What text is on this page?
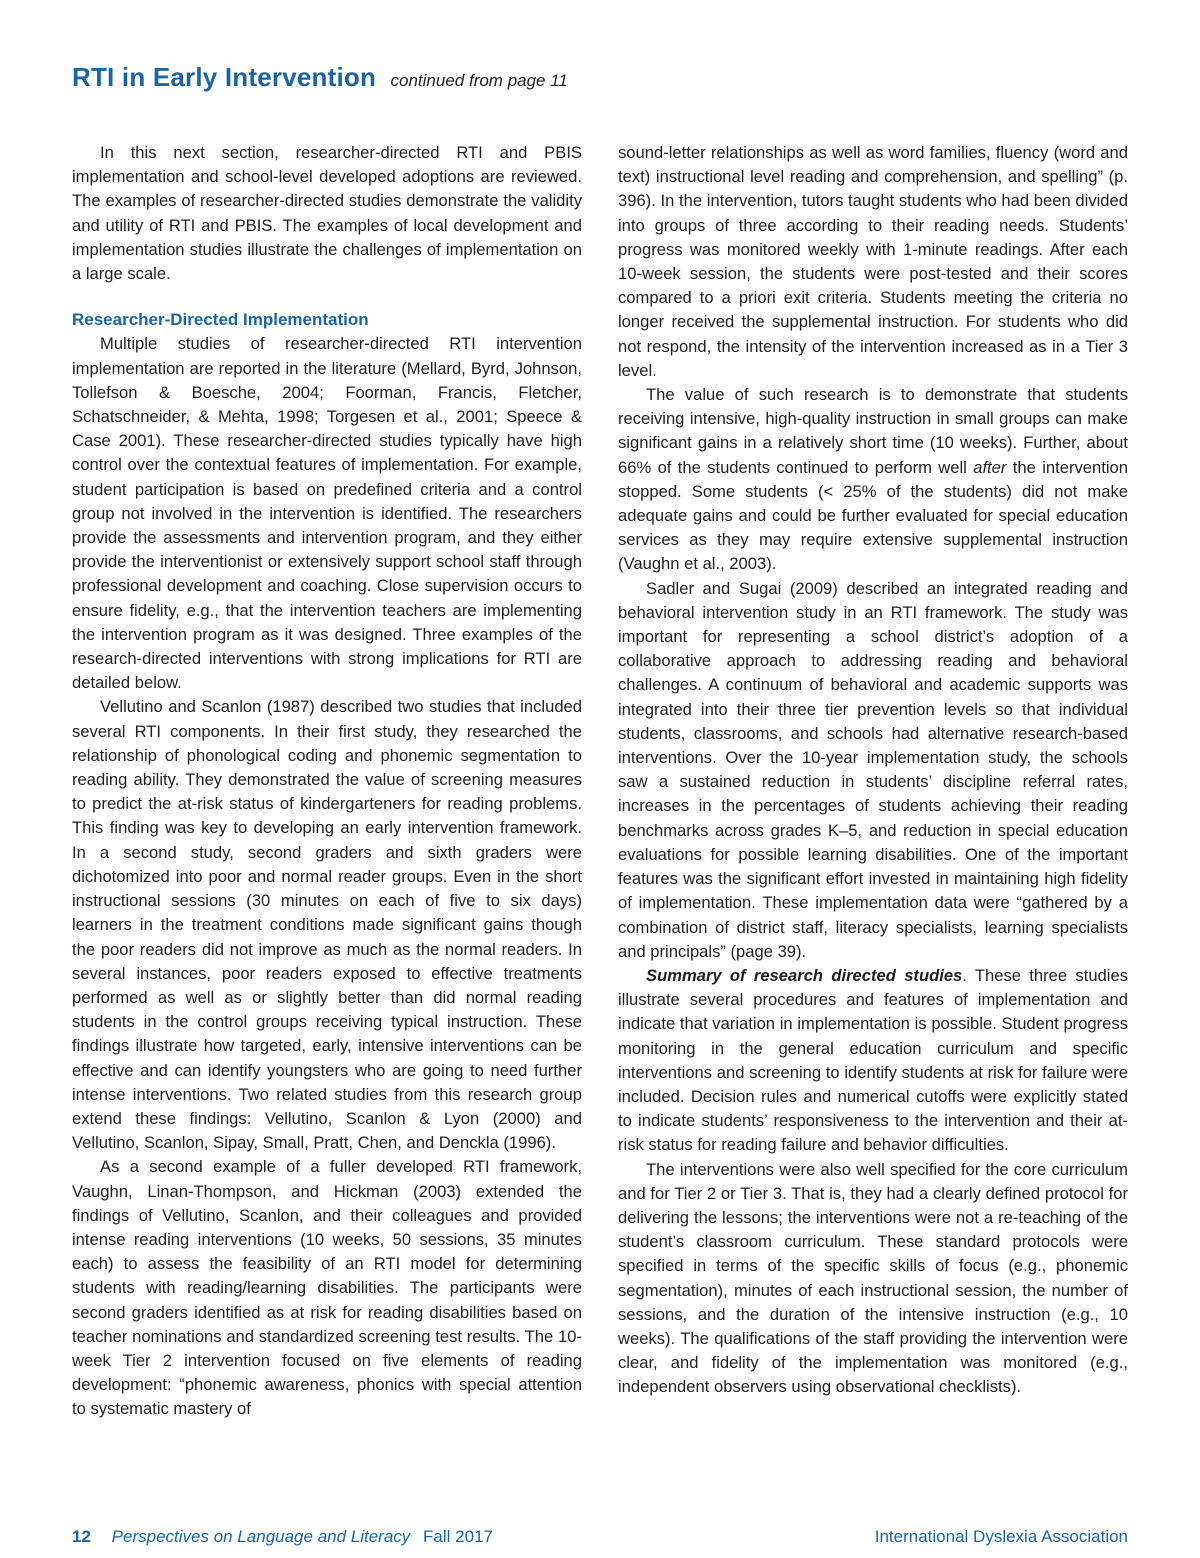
RTI in Early Intervention continued from page 11

In this next section, researcher-directed RTI and PBIS implementation and school-level developed adoptions are reviewed. The examples of researcher-directed studies demonstrate the validity and utility of RTI and PBIS. The examples of local development and implementation studies illustrate the challenges of implementation on a large scale.

Researcher-Directed Implementation

Multiple studies of researcher-directed RTI intervention implementation are reported in the literature (Mellard, Byrd, Johnson, Tollefson & Boesche, 2004; Foorman, Francis, Fletcher, Schatschneider, & Mehta, 1998; Torgesen et al., 2001; Speece & Case 2001). These researcher-directed studies typically have high control over the contextual features of implementation. For example, student participation is based on predefined criteria and a control group not involved in the intervention is identified. The researchers provide the assessments and intervention program, and they either provide the interventionist or extensively support school staff through professional development and coaching. Close supervision occurs to ensure fidelity, e.g., that the intervention teachers are implementing the intervention program as it was designed. Three examples of the research-directed interventions with strong implications for RTI are detailed below.

Vellutino and Scanlon (1987) described two studies that included several RTI components. In their first study, they researched the relationship of phonological coding and phonemic segmentation to reading ability. They demonstrated the value of screening measures to predict the at-risk status of kindergarteners for reading problems. This finding was key to developing an early intervention framework. In a second study, second graders and sixth graders were dichotomized into poor and normal reader groups. Even in the short instructional sessions (30 minutes on each of five to six days) learners in the treatment conditions made significant gains though the poor readers did not improve as much as the normal readers. In several instances, poor readers exposed to effective treatments performed as well as or slightly better than did normal reading students in the control groups receiving typical instruction. These findings illustrate how targeted, early, intensive interventions can be effective and can identify youngsters who are going to need further intense interventions. Two related studies from this research group extend these findings: Vellutino, Scanlon & Lyon (2000) and Vellutino, Scanlon, Sipay, Small, Pratt, Chen, and Denckla (1996).

As a second example of a fuller developed RTI framework, Vaughn, Linan-Thompson, and Hickman (2003) extended the findings of Vellutino, Scanlon, and their colleagues and provided intense reading interventions (10 weeks, 50 sessions, 35 minutes each) to assess the feasibility of an RTI model for determining students with reading/learning disabilities. The participants were second graders identified as at risk for reading disabilities based on teacher nominations and standardized screening test results. The 10-week Tier 2 intervention focused on five elements of reading development: “phonemic awareness, phonics with special attention to systematic mastery of

sound-letter relationships as well as word families, fluency (word and text) instructional level reading and comprehension, and spelling” (p. 396). In the intervention, tutors taught students who had been divided into groups of three according to their reading needs. Students’ progress was monitored weekly with 1-minute readings. After each 10-week session, the students were post-tested and their scores compared to a priori exit criteria. Students meeting the criteria no longer received the supplemental instruction. For students who did not respond, the intensity of the intervention increased as in a Tier 3 level.

The value of such research is to demonstrate that students receiving intensive, high-quality instruction in small groups can make significant gains in a relatively short time (10 weeks). Further, about 66% of the students continued to perform well after the intervention stopped. Some students (< 25% of the students) did not make adequate gains and could be further evaluated for special education services as they may require extensive supplemental instruction (Vaughn et al., 2003).

Sadler and Sugai (2009) described an integrated reading and behavioral intervention study in an RTI framework. The study was important for representing a school district’s adoption of a collaborative approach to addressing reading and behavioral challenges. A continuum of behavioral and academic supports was integrated into their three tier prevention levels so that individual students, classrooms, and schools had alternative research-based interventions. Over the 10-year implementation study, the schools saw a sustained reduction in students’ discipline referral rates, increases in the percentages of students achieving their reading benchmarks across grades K–5, and reduction in special education evaluations for possible learning disabilities. One of the important features was the significant effort invested in maintaining high fidelity of implementation. These implementation data were “gathered by a combination of district staff, literacy specialists, learning specialists and principals” (page 39).

Summary of research directed studies. These three studies illustrate several procedures and features of implementation and indicate that variation in implementation is possible. Student progress monitoring in the general education curriculum and specific interventions and screening to identify students at risk for failure were included. Decision rules and numerical cutoffs were explicitly stated to indicate students’ responsiveness to the intervention and their at-risk status for reading failure and behavior difficulties.

The interventions were also well specified for the core curriculum and for Tier 2 or Tier 3. That is, they had a clearly defined protocol for delivering the lessons; the interventions were not a re-teaching of the student’s classroom curriculum. These standard protocols were specified in terms of the specific skills of focus (e.g., phonemic segmentation), minutes of each instructional session, the number of sessions, and the duration of the intensive instruction (e.g., 10 weeks). The qualifications of the staff providing the intervention were clear, and fidelity of the implementation was monitored (e.g., independent observers using observational checklists).

12 Perspectives on Language and Literacy Fall 2017	International Dyslexia Association
